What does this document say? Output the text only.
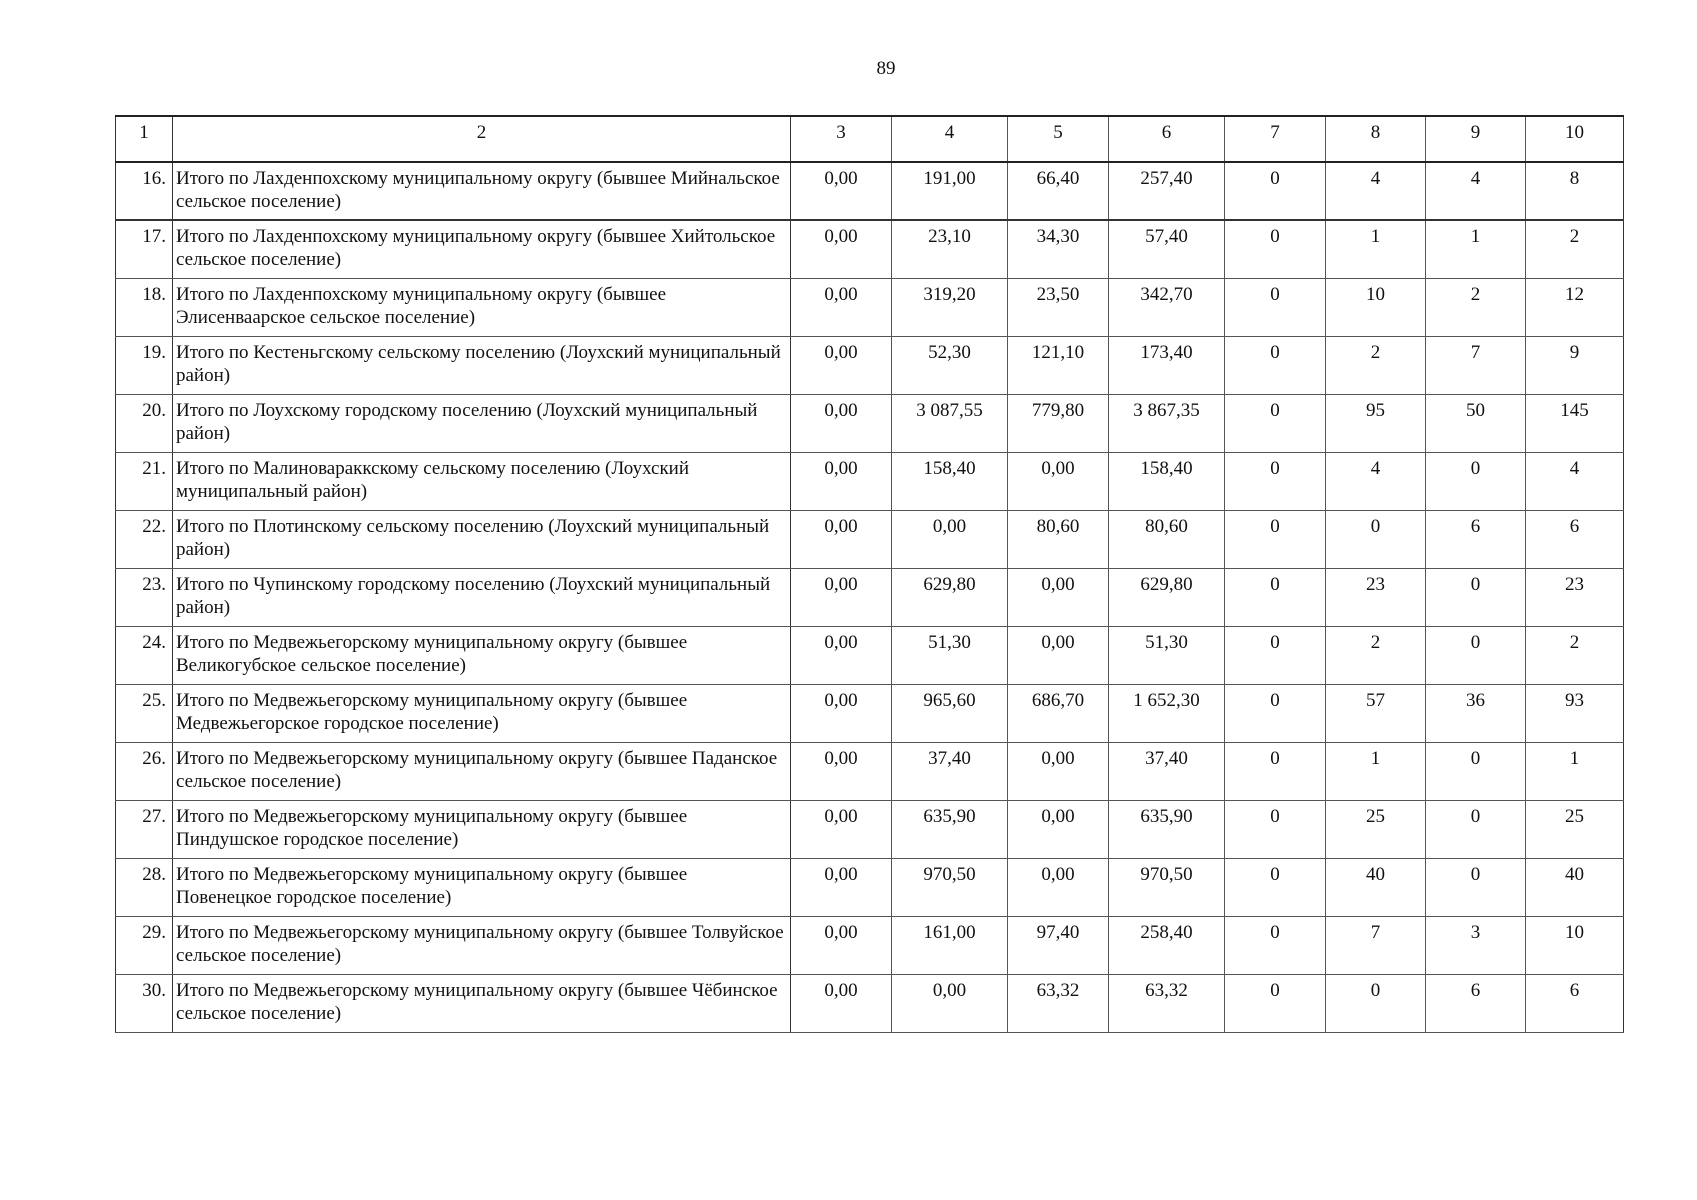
89
1	2	3	4	5	6	7	8	9	10
16.	Итого по Лахденпохскому муниципальному округу (бывшее Мийнальское сельское поселение)	0,00	191,00	66,40	257,40	0	4	4	8
17.	Итого по Лахденпохскому муниципальному округу (бывшее Хийтольское сельское поселение)	0,00	23,10	34,30	57,40	0	1	1	2
18.	Итого по Лахденпохскому муниципальному округу (бывшее Элисенваарское сельское поселение)	0,00	319,20	23,50	342,70	0	10	2	12
19.	Итого по Кестеньгскому сельскому поселению (Лоухский муниципальный район)	0,00	52,30	121,10	173,40	0	2	7	9
20.	Итого по Лоухскому городскому поселению (Лоухский муниципальный район)	0,00	3 087,55	779,80	3 867,35	0	95	50	145
21.	Итого по Малиновараккскому сельскому поселению (Лоухский муниципальный район)	0,00	158,40	0,00	158,40	0	4	0	4
22.	Итого по Плотинскому сельскому поселению (Лоухский муниципальный район)	0,00	0,00	80,60	80,60	0	0	6	6
23.	Итого по Чупинскому городскому поселению (Лоухский муниципальный район)	0,00	629,80	0,00	629,80	0	23	0	23
24.	Итого по Медвежьегорскому муниципальному округу (бывшее Великогубское сельское поселение)	0,00	51,30	0,00	51,30	0	2	0	2
25.	Итого по Медвежьегорскому муниципальному округу (бывшее Медвежьегорское городское поселение)	0,00	965,60	686,70	1 652,30	0	57	36	93
26.	Итого по Медвежьегорскому муниципальному округу (бывшее Паданское сельское поселение)	0,00	37,40	0,00	37,40	0	1	0	1
27.	Итого по Медвежьегорскому муниципальному округу (бывшее Пиндушское городское поселение)	0,00	635,90	0,00	635,90	0	25	0	25
28.	Итого по Медвежьегорскому муниципальному округу (бывшее Повенецкое городское поселение)	0,00	970,50	0,00	970,50	0	40	0	40
29.	Итого по Медвежьегорскому муниципальному округу (бывшее Толвуйское сельское поселение)	0,00	161,00	97,40	258,40	0	7	3	10
30.	Итого по Медвежьегорскому муниципальному округу (бывшее Чёбинское сельское поселение)	0,00	0,00	63,32	63,32	0	0	6	6
